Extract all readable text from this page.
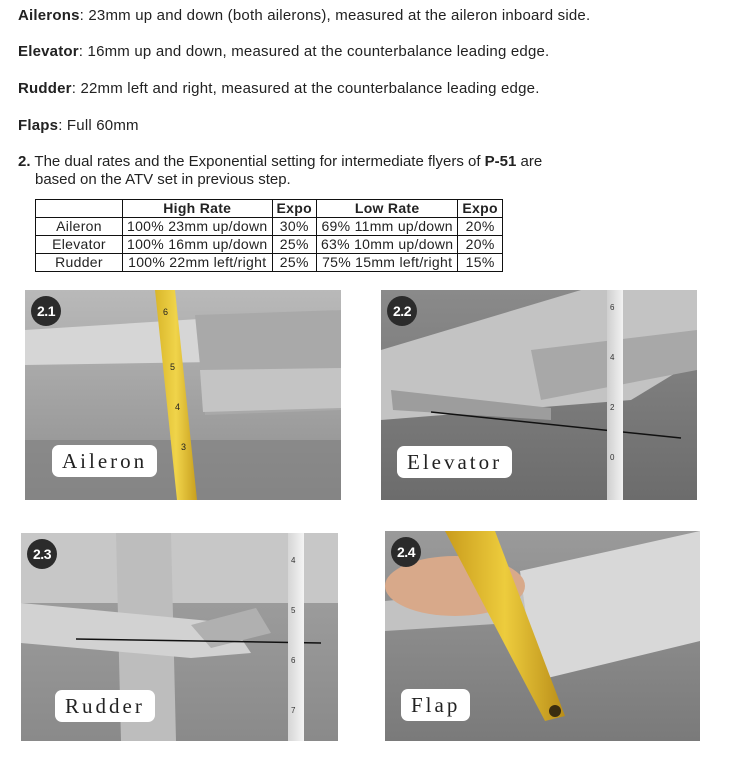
Ailerons: 23mm up and down (both ailerons), measured at the aileron inboard side.
Elevator: 16mm up and down, measured at the counterbalance leading edge.
Rudder: 22mm left and right, measured at the counterbalance leading edge.
Flaps: Full 60mm
2. The dual rates and the Exponential setting for intermediate flyers of P-51 are
based on the ATV set in previous step.
	High Rate	Expo	Low Rate	Expo
Aileron	100% 23mm up/down	30%	69% 11mm up/down	20%
Elevator	100% 16mm up/down	25%	63% 10mm up/down	20%
Rudder	100% 22mm left/right	25%	75% 15mm left/right	15%
6
5
4
3
2.1
Aileron
6
4
2
0
2.2
Elevator
4
5
6
7
2.3
Rudder
2.4
Flap
